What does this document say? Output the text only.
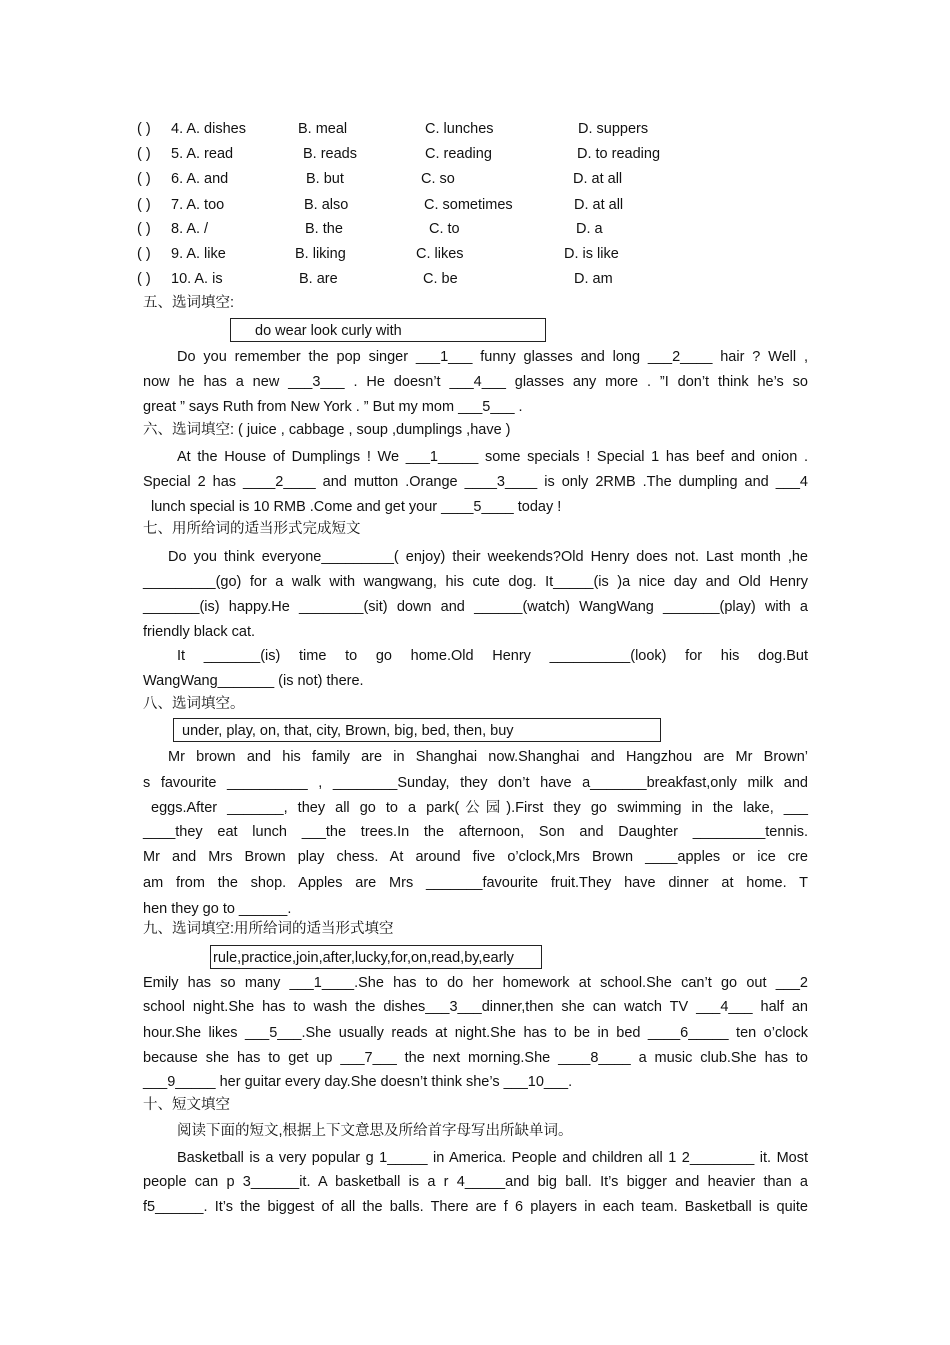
( ) 4. A. dishes	B. meal	C. lunches	D. suppers
( ) 5. A. read	B. reads	C. reading	D. to reading
( ) 6. A. and	B. but	C. so	D. at all
( ) 7. A. too	B. also	C. sometimes	D. at all
( ) 8. A. /	B. the	C. to	D. a
( ) 9. A. like	B. liking	C. likes	D. is like
( ) 10. A. is	B. are	C. be	D. am
五、选词填空:
do wear look curly with
Do you remember the pop singer ___1___ funny glasses and long ___2____ hair ? Well ,
now he has a new ___3___ . He doesn’t ___4___ glasses any more . ”I don’t think he’s so
great ” says Ruth from New York . ” But my mom ___5___ .
六、选词填空: ( juice , cabbage , soup ,dumplings ,have )
At the House of Dumplings ! We ___1_____ some specials ! Special 1 has beef and onion .
Special 2 has ____2____ and mutton .Orange ____3____ is only 2RMB .The dumpling and ___4
lunch special is 10 RMB .Come and get your ____5____ today !
七、用所给词的适当形式完成短文
Do you think everyone_________( enjoy) their weekends?Old Henry does not. Last month ,he
_________(go) for a walk with wangwang, his cute dog. It_____(is )a nice day and Old Henry
_______(is) happy.He ________(sit) down and ______(watch) WangWang _______(play) with a
friendly black cat.
It _______(is) time to go home.Old Henry __________(look) for his dog.But
WangWang_______ (is not) there.
八、选词填空。
under, play, on, that, city, Brown, big, bed, then, buy
Mr brown and his family are in Shanghai now.Shanghai and Hangzhou are Mr Brown’
s favourite __________ , ________Sunday, they don’t have a_______breakfast,only milk and
eggs.After _______, they all go to a park(公园).First they go swimming in the lake, ___
____they eat lunch ___the trees.In the afternoon, Son and Daughter _________tennis.
Mr and Mrs Brown play chess. At around five o’clock,Mrs Brown ____apples or ice cre
am from the shop. Apples are Mrs _______favourite fruit.They have dinner at home. T
hen they go to ______.
九、选词填空:用所给词的适当形式填空
rule,practice,join,after,lucky,for,on,read,by,early
Emily has so many ___1____.She has to do her homework at school.She can’t go out ___2
school night.She has to wash the dishes___3___dinner,then she can watch TV ___4___ half an
hour.She likes ___5___.She usually reads at night.She has to be in bed ____6_____ ten o’clock
because she has to get up ___7___ the next morning.She ____8____ a music club.She has to
___9_____ her guitar every day.She doesn’t think she’s ___10___.
十、短文填空
阅读下面的短文,根据上下文意思及所给首字母写出所缺单词。
Basketball is a very popular g 1_____ in America. People and children all 1 2________ it. Most
people can p 3______it. A basketball is a r 4_____and big ball. It’s bigger and heavier than a
f5______. It’s the biggest of all the balls. There are f 6 players in each team. Basketball is quite
